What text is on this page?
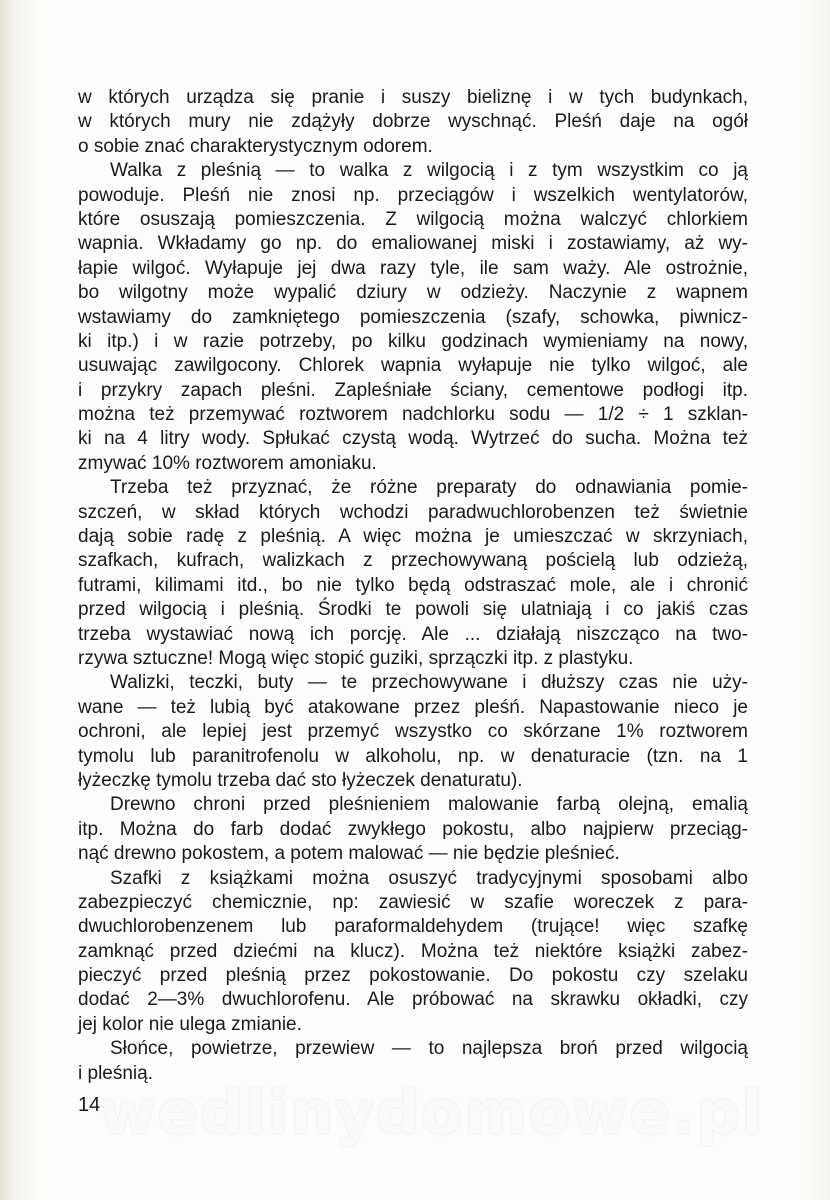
w których urządza się pranie i suszy bieliznę i w tych budynkach,
w których mury nie zdążyły dobrze wyschnąć. Pleśń daje na ogół
o sobie znać charakterystycznym odorem.
Walka z pleśnią — to walka z wilgocią i z tym wszystkim co ją
powoduje. Pleśń nie znosi np. przeciągów i wszelkich wentylatorów,
które osuszają pomieszczenia. Z wilgocią można walczyć chlorkiem
wapnia. Wkładamy go np. do emaliowanej miski i zostawiamy, aż wy-
łapie wilgoć. Wyłapuje jej dwa razy tyle, ile sam waży. Ale ostrożnie,
bo wilgotny może wypalić dziury w odzieży. Naczynie z wapnem
wstawiamy do zamkniętego pomieszczenia (szafy, schowka, piwnicz-
ki itp.) i w razie potrzeby, po kilku godzinach wymieniamy na nowy,
usuwając zawilgocony. Chlorek wapnia wyłapuje nie tylko wilgoć, ale
i przykry zapach pleśni. Zapleśniałe ściany, cementowe podłogi itp.
można też przemywać roztworem nadchlorku sodu — 1/2 ÷ 1 szklan-
ki na 4 litry wody. Spłukać czystą wodą. Wytrzeć do sucha. Można też
zmywać 10% roztworem amoniaku.
Trzeba też przyznać, że różne preparaty do odnawiania pomie-
szczeń, w skład których wchodzi paradwuchlorobenzen też świetnie
dają sobie radę z pleśnią. A więc można je umieszczać w skrzyniach,
szafkach, kufrach, walizkach z przechowywaną pościelą lub odzieżą,
futrami, kilimami itd., bo nie tylko będą odstraszać mole, ale i chronić
przed wilgocią i pleśnią. Środki te powoli się ulatniają i co jakiś czas
trzeba wystawiać nową ich porcję. Ale ... działają niszcząco na two-
rzywa sztuczne! Mogą więc stopić guziki, sprzączki itp. z plastyku.
Walizki, teczki, buty — te przechowywane i dłuższy czas nie uży-
wane — też lubią być atakowane przez pleśń. Napastowanie nieco je
ochroni, ale lepiej jest przemyć wszystko co skórzane 1% roztworem
tymolu lub paranitrofenolu w alkoholu, np. w denaturacie (tzn. na 1
łyżeczkę tymolu trzeba dać sto łyżeczek denaturatu).
Drewno chroni przed pleśnieniem malowanie farbą olejną, emalią
itp. Można do farb dodać zwykłego pokostu, albo najpierw przeciąg-
nąć drewno pokostem, a potem malować — nie będzie pleśnieć.
Szafki z książkami można osuszyć tradycyjnymi sposobami albo
zabezpieczyć chemicznie, np: zawiesić w szafie woreczek z para-
dwuchlorobenzenem lub paraformaldehydem (trujące! więc szafkę
zamknąć przed dziećmi na klucz). Można też niektóre książki zabez-
pieczyć przed pleśnią przez pokostowanie. Do pokostu czy szelaku
dodać 2—3% dwuchlorofenu. Ale próbować na skrawku okładki, czy
jej kolor nie ulega zmianie.
Słońce, powietrze, przewiew — to najlepsza broń przed wilgocią
i pleśnią.
14 wedlinydomowe.pl
